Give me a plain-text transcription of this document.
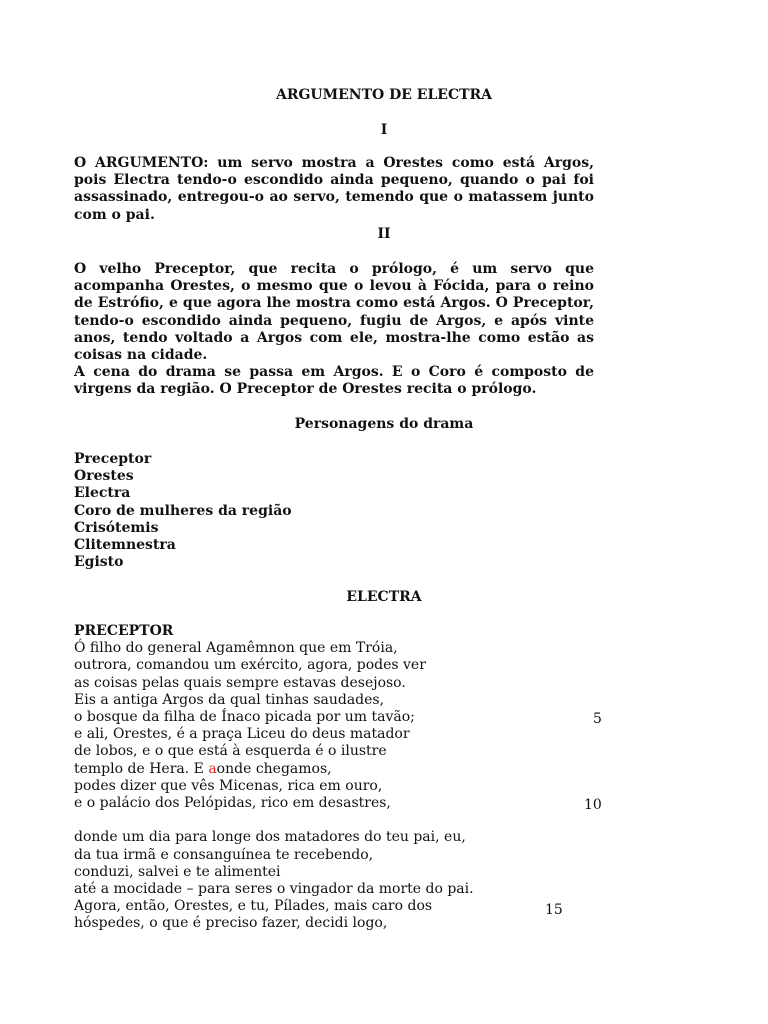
ARGUMENTO DE ELECTRA
I
O ARGUMENTO: um servo mostra a Orestes como está Argos, pois Electra tendo-o escondido ainda pequeno, quando o pai foi assassinado, entregou-o ao servo, temendo que o matassem junto com o pai.
II
O velho Preceptor, que recita o prólogo, é um servo que acompanha Orestes, o mesmo que o levou à Fócida, para o reino de Estrófio, e que agora lhe mostra como está Argos. O Preceptor, tendo-o escondido ainda pequeno, fugiu de Argos, e após vinte anos, tendo voltado a Argos com ele, mostra-lhe como estão as coisas na cidade.
A cena do drama se passa em Argos. E o Coro é composto de virgens da região. O Preceptor de Orestes recita o prólogo.
Personagens do drama
Preceptor
Orestes
Electra
Coro de mulheres da região
Crisótemis
Clitemnestra
Egisto
ELECTRA
PRECEPTOR
Ó filho do general Agamêmnon que em Tróia,
outrora, comandou um exército, agora, podes ver
as coisas pelas quais sempre estavas desejoso.
Eis a antiga Argos da qual tinhas saudades,
o bosque da filha de Ínaco picada por um tavão;
e ali, Orestes, é a praça Liceu do deus matador
de lobos, e o que está à esquerda é o ilustre
templo de Hera. E aonde chegamos,
podes dizer que vês Micenas, rica em ouro,
e o palácio dos Pelópidas, rico em desastres,
donde um dia para longe dos matadores do teu pai, eu,
da tua irmã e consanguínea te recebendo,
conduzi, salvei e te alimentei
até a mocidade – para seres o vingador da morte do pai.
Agora, então, Orestes, e tu, Pílades, mais caro dos
hóspedes, o que é preciso fazer, decidi logo,
5
10
15
